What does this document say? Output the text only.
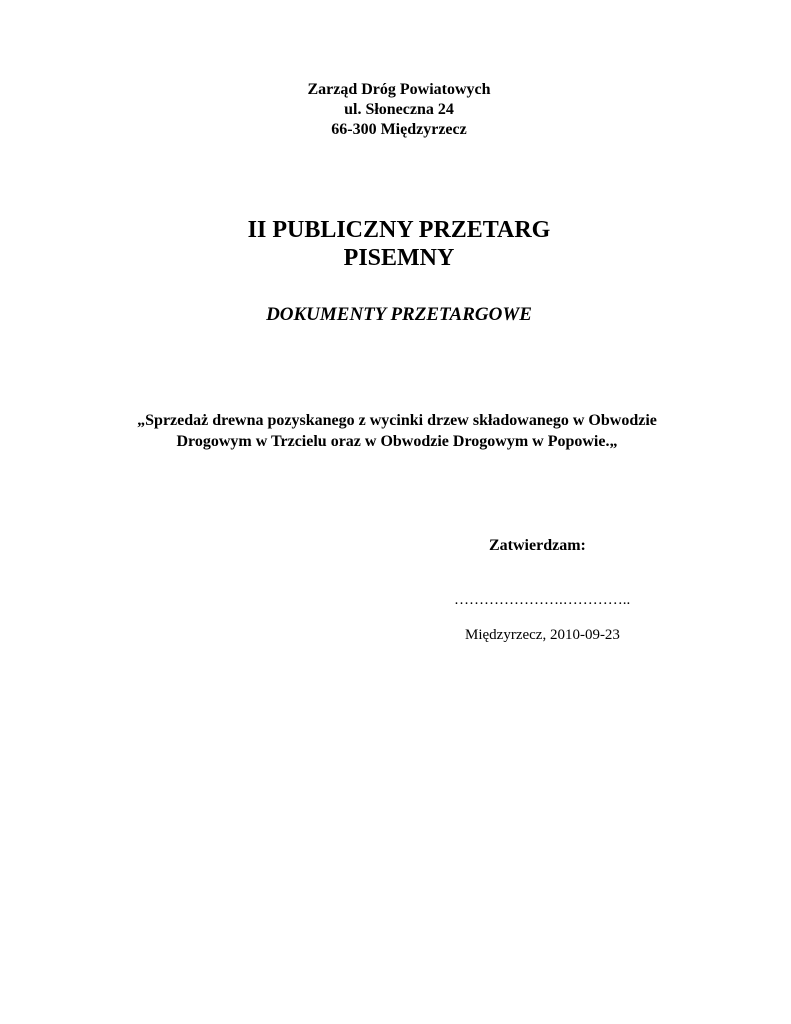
Zarząd Dróg Powiatowych
ul. Słoneczna 24
66-300 Międzyrzecz
II PUBLICZNY PRZETARG
PISEMNY
DOKUMENTY PRZETARGOWE
„Sprzedaż drewna pozyskanego z wycinki drzew składowanego w Obwodzie
Drogowym w Trzcielu oraz w Obwodzie Drogowym w Popowie.„
Zatwierdzam:
………………….…………..
Międzyrzecz, 2010-09-23
